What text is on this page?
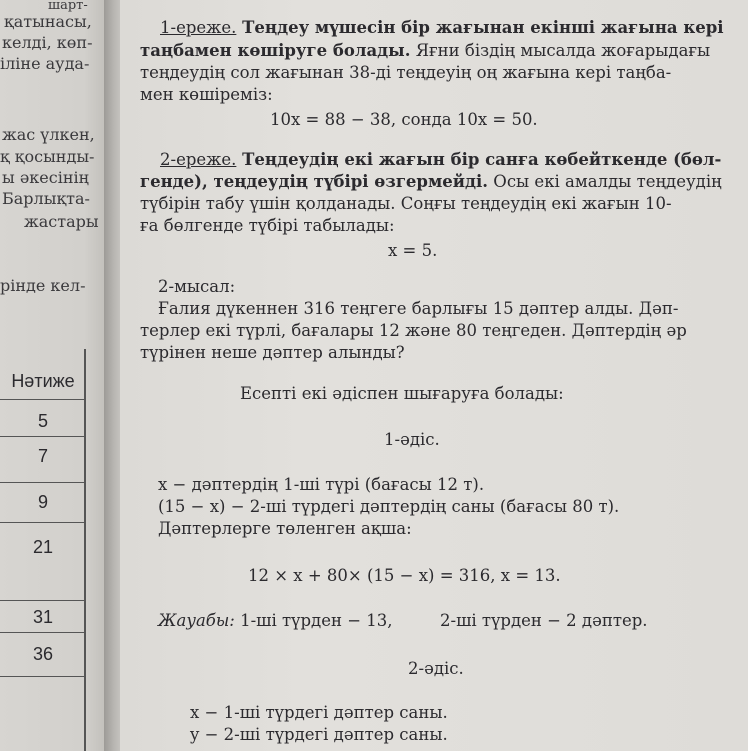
шарт-
қатынасы,
келді, көп-
іліне ауда-
жас үлкен,
қ қосынды-
ы әкесінің
Барлықта-
жастары
рінде кел-
Нәтиже
5
7
9
21
31
36
1-ереже. Теңдеу мүшесін бір жағынан екінші жағына кері
таңбамен көшіруге болады. Яғни біздің мысалда жоғарыдағы
теңдеудің сол жағынан 38-ді теңдеуің оң жағына кері таңба-
мен көшіреміз:
10x = 88 − 38, сонда 10x = 50.
2-ереже. Теңдеудің екі жағын бір санға көбейткенде (бөл-
генде), теңдеудің түбірі өзгермейді. Осы екі амалды теңдеудің
түбірін табу үшін қолданады. Соңғы теңдеудің екі жағын 10-
ға бөлгенде түбірі табылады:
x = 5.
2-мысал:
Ғалия дүкеннен 316 теңгеге барлығы 15 дәптер алды. Дәп-
терлер екі түрлі, бағалары 12 және 80 теңгеден. Дәптердің әр
түрінен неше дәптер алынды?
Есепті екі әдіспен шығаруға болады:
1-әдіс.
x − дәптердің 1-ші түрі (бағасы 12 т).
(15 − x) − 2-ші түрдегі дәптердің саны (бағасы 80 т).
Дәптерлерге төленген ақша:
12 × x + 80× (15 − x) = 316, x = 13.
Жауабы: 1-ші түрден − 13,	2-ші түрден − 2 дәптер.
2-әдіс.
x − 1-ші түрдегі дәптер саны.
y − 2-ші түрдегі дәптер саны.
